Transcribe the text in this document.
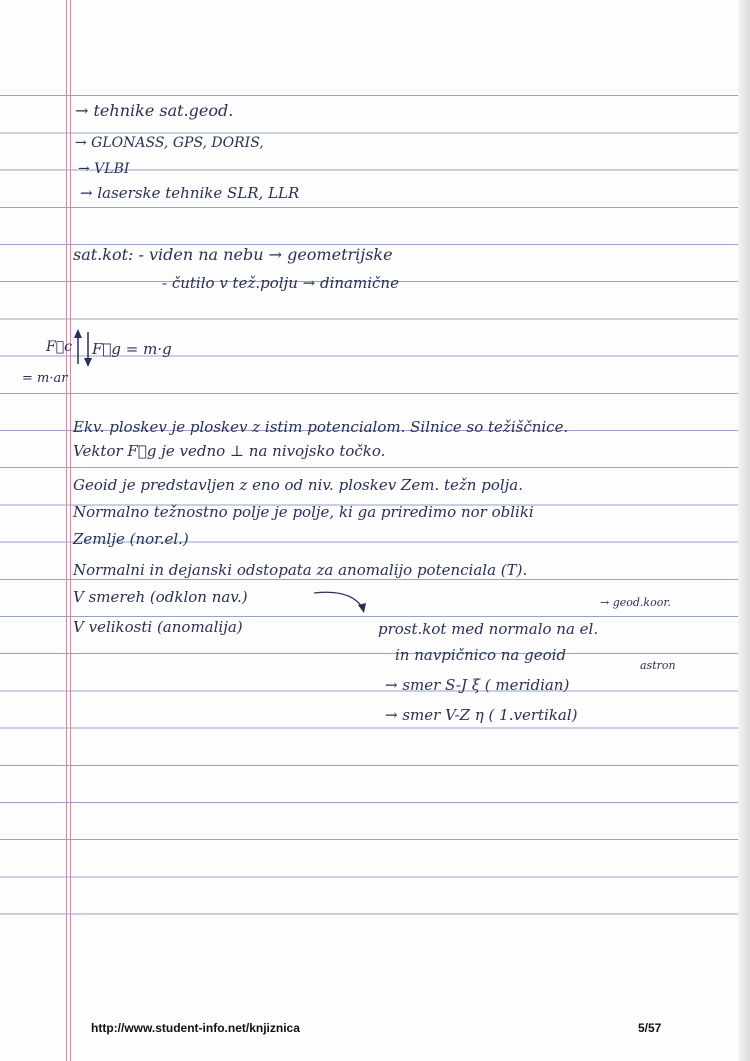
→ tehnike sat.geod.
→ GLONASS, GPS, DORIS,
→ VLBI
→ laserske tehnike SLR, LLR
sat.kot: - viden na nebu → geometrijske
- čutilo v tež.polju → dinamične
F⃗c F⃗g = m·g
= m·ar
Ekv. ploskev je ploskev z istim potencialom. Silnice so težiščnice.
Vektor F⃗g je vedno ⊥ na nivojsko točko.
Geoid je predstavljen z eno od niv. ploskev Zem. težn polja.
Normalno težnostno polje je polje, ki ga priredimo nor obliki
Zemlje (nor.el.)
Normalni in dejanski odstopata za anomalijo potenciala (T).
V smereh (odklon nav.)
V velikosti (anomalija)
→ geod.koor.
prost.kot med normalo na el.
in navpičnico na geoid
astron
→ smer S-J ξ ( meridian)
→ smer V-Z η ( 1.vertikal)
http://www.student-info.net/knjiznica	5/57
